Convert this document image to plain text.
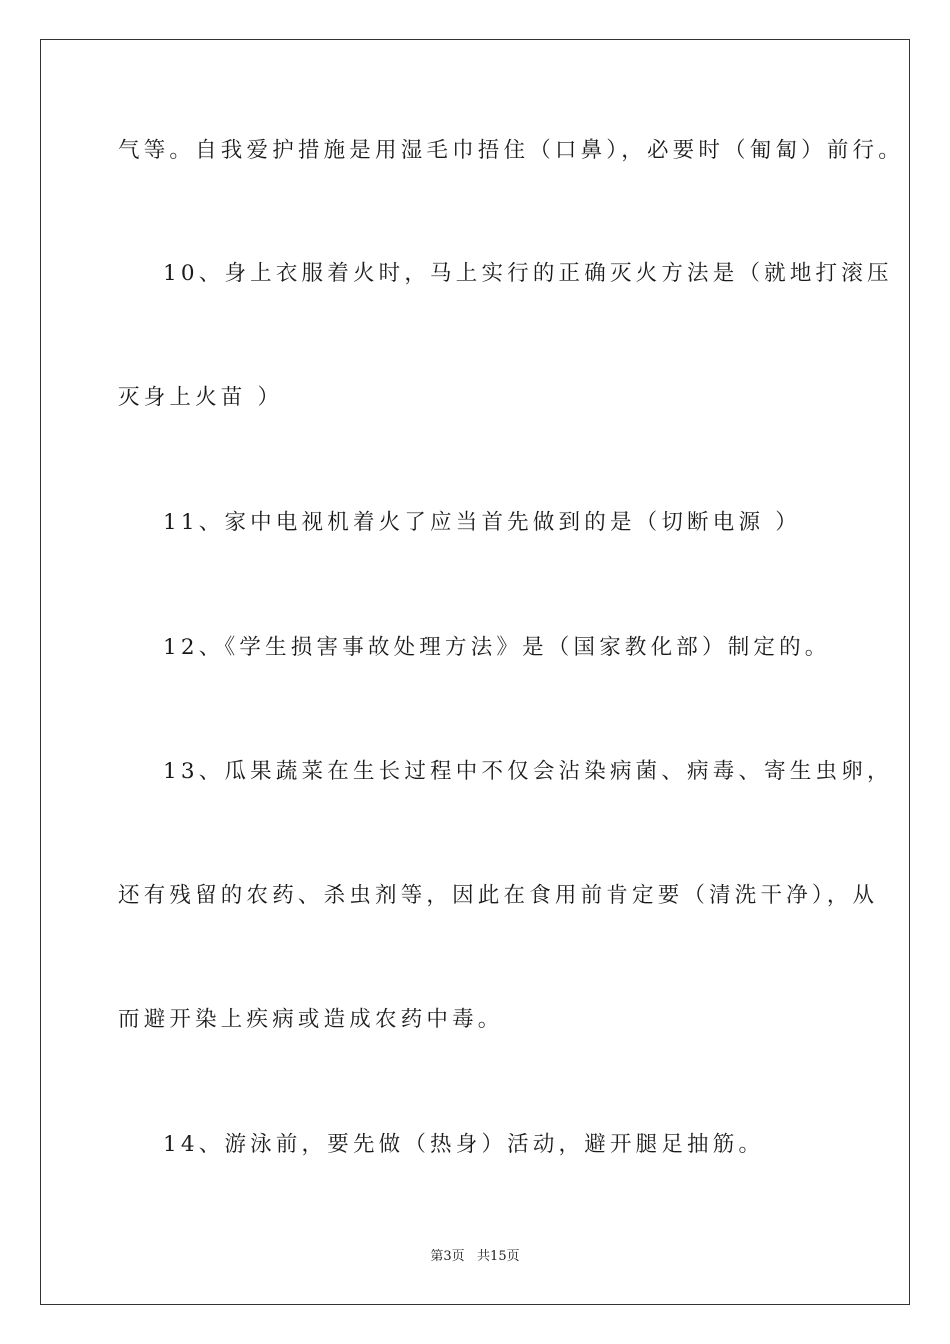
气等。自我爱护措施是用湿毛巾捂住（口鼻），必要时（匍匐）前行。
10、身上衣服着火时，马上实行的正确灭火方法是（就地打滚压
灭身上火苗 ）
11、家中电视机着火了应当首先做到的是（切断电源 ）
12、《学生损害事故处理方法》是（国家教化部）制定的。
13、瓜果蔬菜在生长过程中不仅会沾染病菌、病毒、寄生虫卵，
还有残留的农药、杀虫剂等，因此在食用前肯定要（清洗干净），从
而避开染上疾病或造成农药中毒。
14、游泳前，要先做（热身）活动，避开腿足抽筋。
第3页   共15页
